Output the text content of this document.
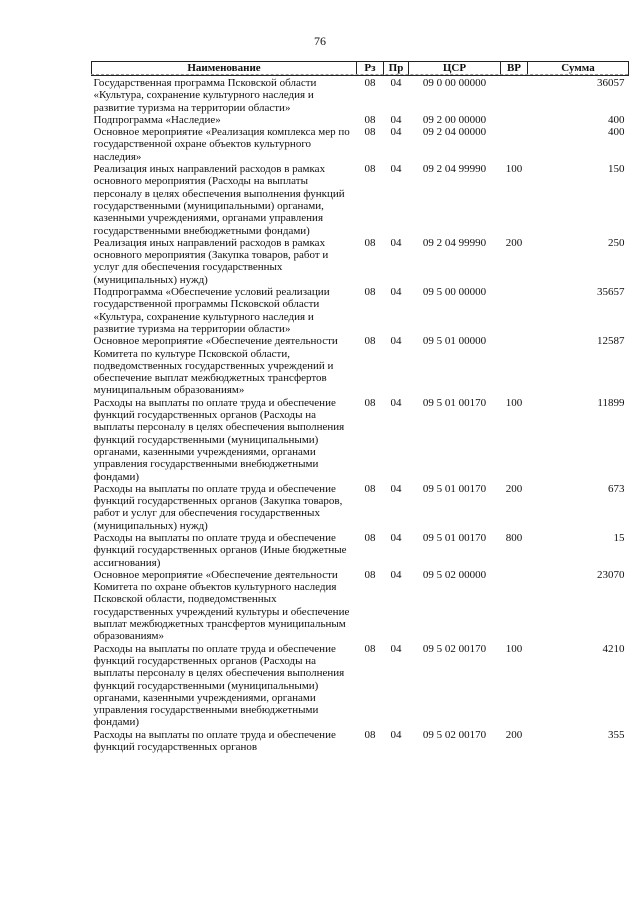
76
Наименование	Рз	Пр	ЦСР	ВР	Сумма
Государственная программа Псковской области «Культура, сохранение культурного наследия и развитие туризма на территории области»	08	04	09 0 00 00000		36057
Подпрограмма «Наследие»	08	04	09 2 00 00000		400
Основное мероприятие «Реализация комплекса мер по государственной охране объектов культурного наследия»	08	04	09 2 04 00000		400
Реализация иных направлений расходов в рамках основного мероприятия (Расходы на выплаты персоналу в целях обеспечения выполнения функций государственными (муниципальными) органами, казенными учреждениями, органами управления государственными внебюджетными фондами)	08	04	09 2 04 99990	100	150
Реализация иных направлений расходов в рамках основного мероприятия (Закупка товаров, работ и услуг для обеспечения государственных (муниципальных) нужд)	08	04	09 2 04 99990	200	250
Подпрограмма «Обеспечение условий реализации государственной программы Псковской области «Культура, сохранение культурного наследия и развитие туризма на территории области»	08	04	09 5 00 00000		35657
Основное мероприятие «Обеспечение деятельности Комитета по культуре Псковской области, подведомственных государственных учреждений и обеспечение выплат межбюджетных трансфертов муниципальным образованиям»	08	04	09 5 01 00000		12587
Расходы на выплаты по оплате труда и обеспечение функций государственных органов (Расходы на выплаты персоналу в целях обеспечения выполнения функций государственными (муниципальными) органами, казенными учреждениями, органами управления государственными внебюджетными фондами)	08	04	09 5 01 00170	100	11899
Расходы на выплаты по оплате труда и обеспечение функций государственных органов (Закупка товаров, работ и услуг для обеспечения государственных (муниципальных) нужд)	08	04	09 5 01 00170	200	673
Расходы на выплаты по оплате труда и обеспечение функций государственных органов (Иные бюджетные ассигнования)	08	04	09 5 01 00170	800	15
Основное мероприятие «Обеспечение деятельности Комитета по охране объектов культурного наследия Псковской области, подведомственных государственных учреждений культуры и обеспечение выплат межбюджетных трансфертов муниципальным образованиям»	08	04	09 5 02 00000		23070
Расходы на выплаты по оплате труда и обеспечение функций государственных органов (Расходы на выплаты персоналу в целях обеспечения выполнения функций государственными (муниципальными) органами, казенными учреждениями, органами управления государственными внебюджетными фондами)	08	04	09 5 02 00170	100	4210
Расходы на выплаты по оплате труда и обеспечение функций государственных органов	08	04	09 5 02 00170	200	355
